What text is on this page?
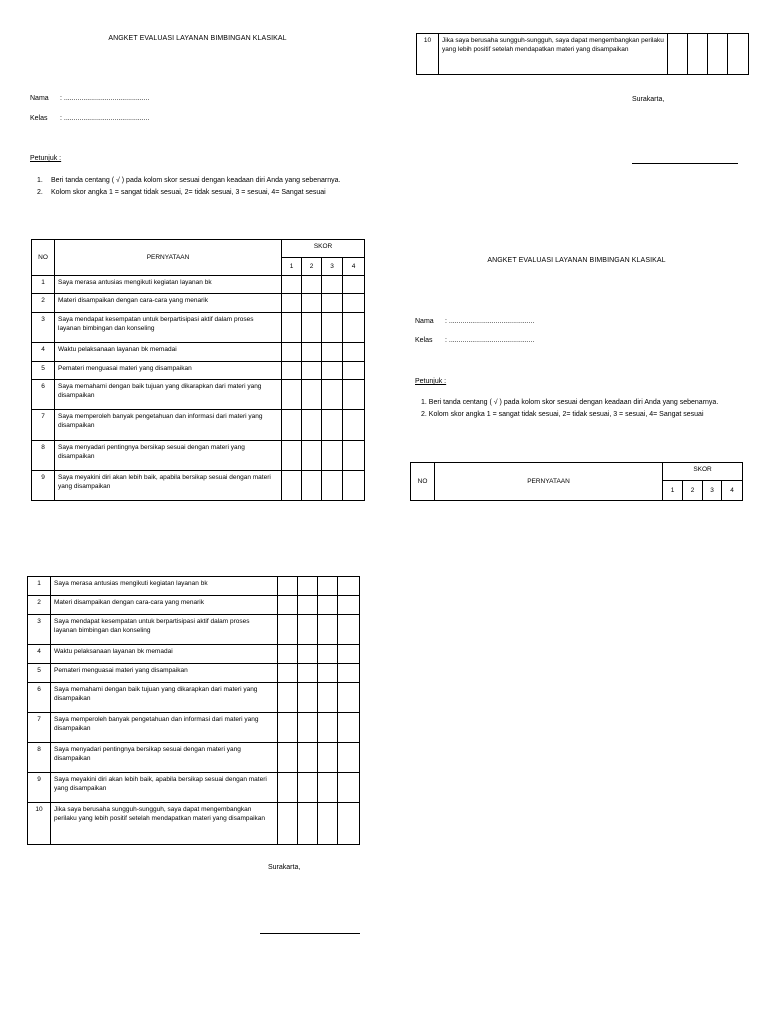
ANGKET EVALUASI LAYANAN BIMBINGAN KLASIKAL
Nama	: ............................................
Kelas	: ............................................
Petunjuk :
1.	Beri tanda centang ( √ ) pada kolom skor sesuai dengan keadaan diri Anda yang sebenarnya.
2.	Kolom skor angka 1 = sangat tidak sesuai, 2= tidak sesuai, 3 = sesuai, 4= Sangat sesuai
NO	PERNYATAAN	SKOR			
		1	2	3	4
1	Saya merasa antusias mengikuti kegiatan layanan bk				
2	Materi disampaikan dengan cara-cara yang menarik				
3	Saya mendapat kesempatan untuk berpartisipasi aktif dalam proses layanan bimbingan dan konseling				
4	Waktu pelaksanaan layanan bk memadai				
5	Pemateri menguasai materi yang disampaikan				
6	Saya memahami dengan baik tujuan yang dikarapkan dari materi yang disampaikan				
7	Saya memperoleh banyak pengetahuan dan informasi dari materi yang disampaikan				
8	Saya menyadari pentingnya bersikap sesuai dengan materi yang disampaikan				
9	Saya meyakini diri akan lebih baik, apabila bersikap sesuai dengan materi yang disampaikan				
10	Jika saya berusaha sungguh-sungguh, saya dapat mengembangkan perilaku yang lebih positif setelah mendapatkan materi yang disampaikan				
Surakarta,
ANGKET EVALUASI LAYANAN BIMBINGAN KLASIKAL
Nama	: ............................................
Kelas	: ............................................
Petunjuk :
1. Beri tanda centang ( √ ) pada kolom skor sesuai dengan keadaan diri Anda yang sebenarnya.
2. Kolom skor angka 1 = sangat tidak sesuai, 2= tidak sesuai, 3 = sesuai, 4= Sangat sesuai
NO	PERNYATAAN	SKOR			
		1	2	3	4
1	Saya merasa antusias mengikuti kegiatan layanan bk				
2	Materi disampaikan dengan cara-cara yang menarik				
3	Saya mendapat kesempatan untuk berpartisipasi aktif dalam proses layanan bimbingan dan konseling				
4	Waktu pelaksanaan layanan bk memadai				
5	Pemateri menguasai materi yang disampaikan				
6	Saya memahami dengan baik tujuan yang dikarapkan dari materi yang disampaikan				
7	Saya memperoleh banyak pengetahuan dan informasi dari materi yang disampaikan				
8	Saya menyadari pentingnya bersikap sesuai dengan materi yang disampaikan				
9	Saya meyakini diri akan lebih baik, apabila bersikap sesuai dengan materi yang disampaikan				
10	Jika saya berusaha sungguh-sungguh, saya dapat mengembangkan perilaku yang lebih positif setelah mendapatkan materi yang disampaikan				
Surakarta,
